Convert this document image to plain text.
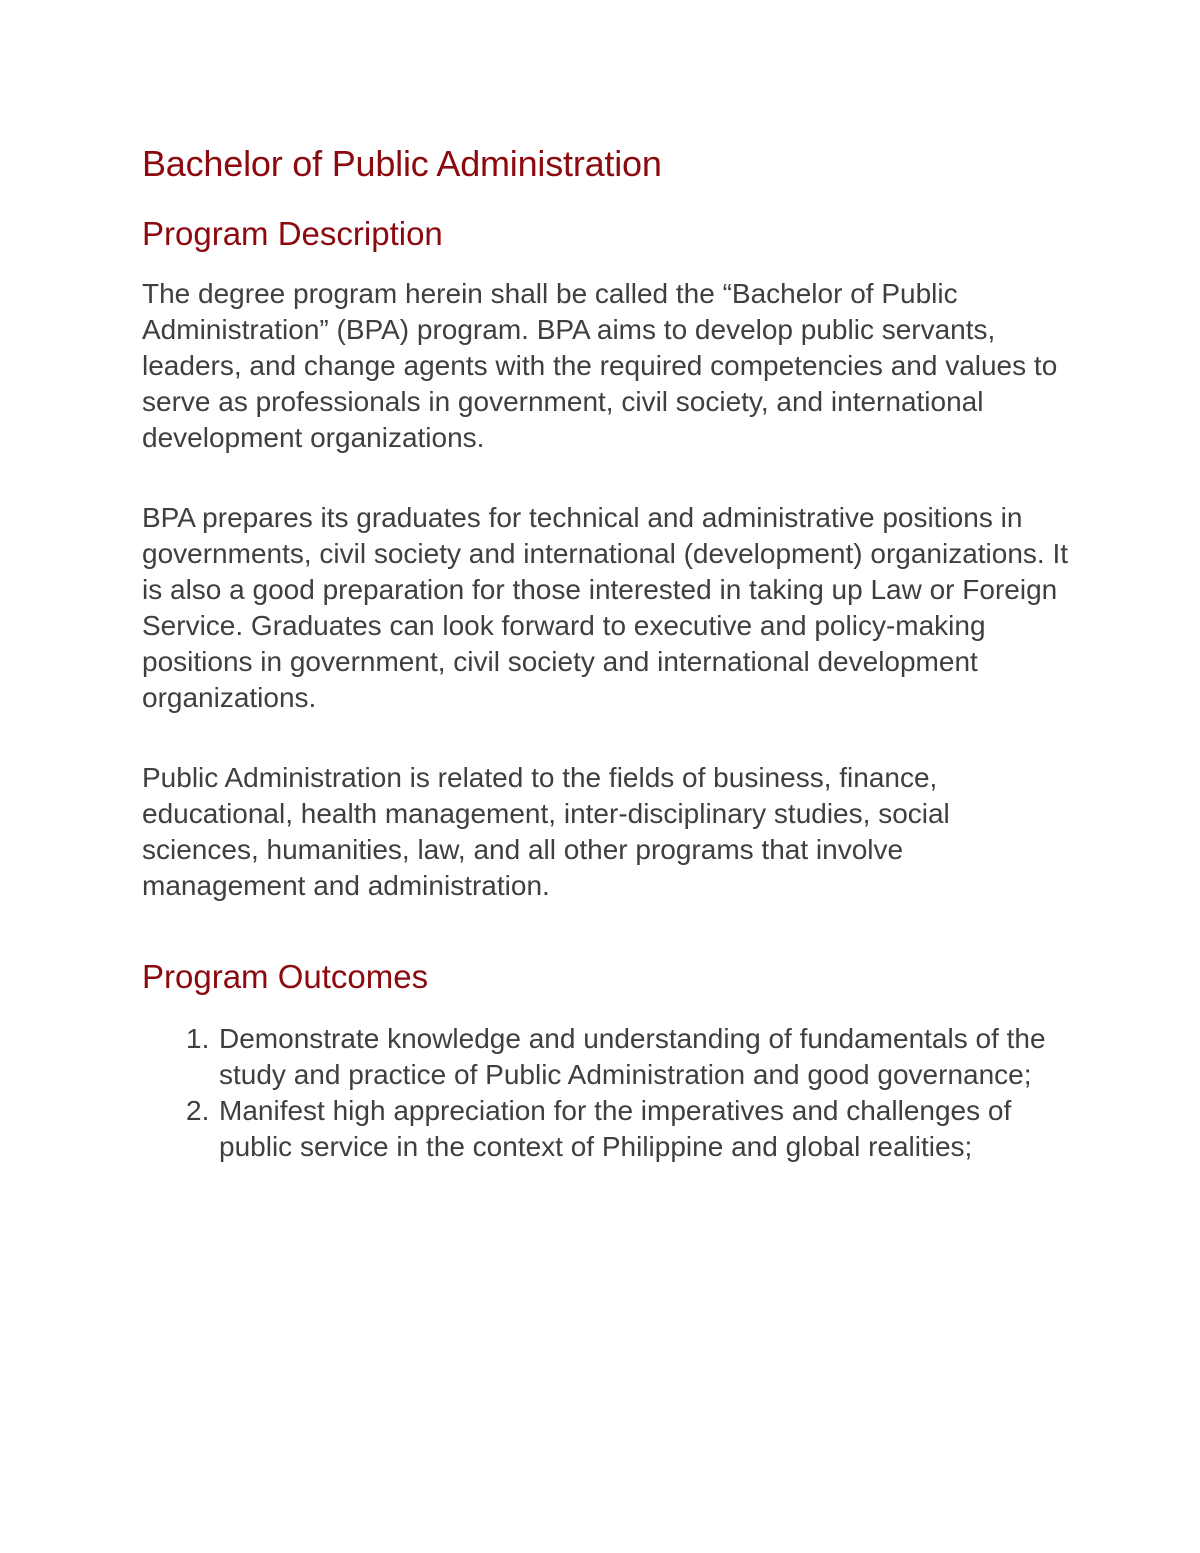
Bachelor of Public Administration
Program Description

The degree program herein shall be called the “Bachelor of Public Administration” (BPA) program. BPA aims to develop public servants, leaders, and change agents with the required competencies and values to serve as professionals in government, civil society, and international development organizations.

BPA prepares its graduates for technical and administrative positions in governments, civil society and international (development) organizations. It is also a good preparation for those interested in taking up Law or Foreign Service. Graduates can look forward to executive and policy-making positions in government, civil society and international development organizations.

Public Administration is related to the fields of business, finance, educational, health management, inter-disciplinary studies, social sciences, humanities, law, and all other programs that involve management and administration.

Program Outcomes
1. Demonstrate knowledge and understanding of fundamentals of the study and practice of Public Administration and good governance;
2. Manifest high appreciation for the imperatives and challenges of public service in the context of Philippine and global realities;
